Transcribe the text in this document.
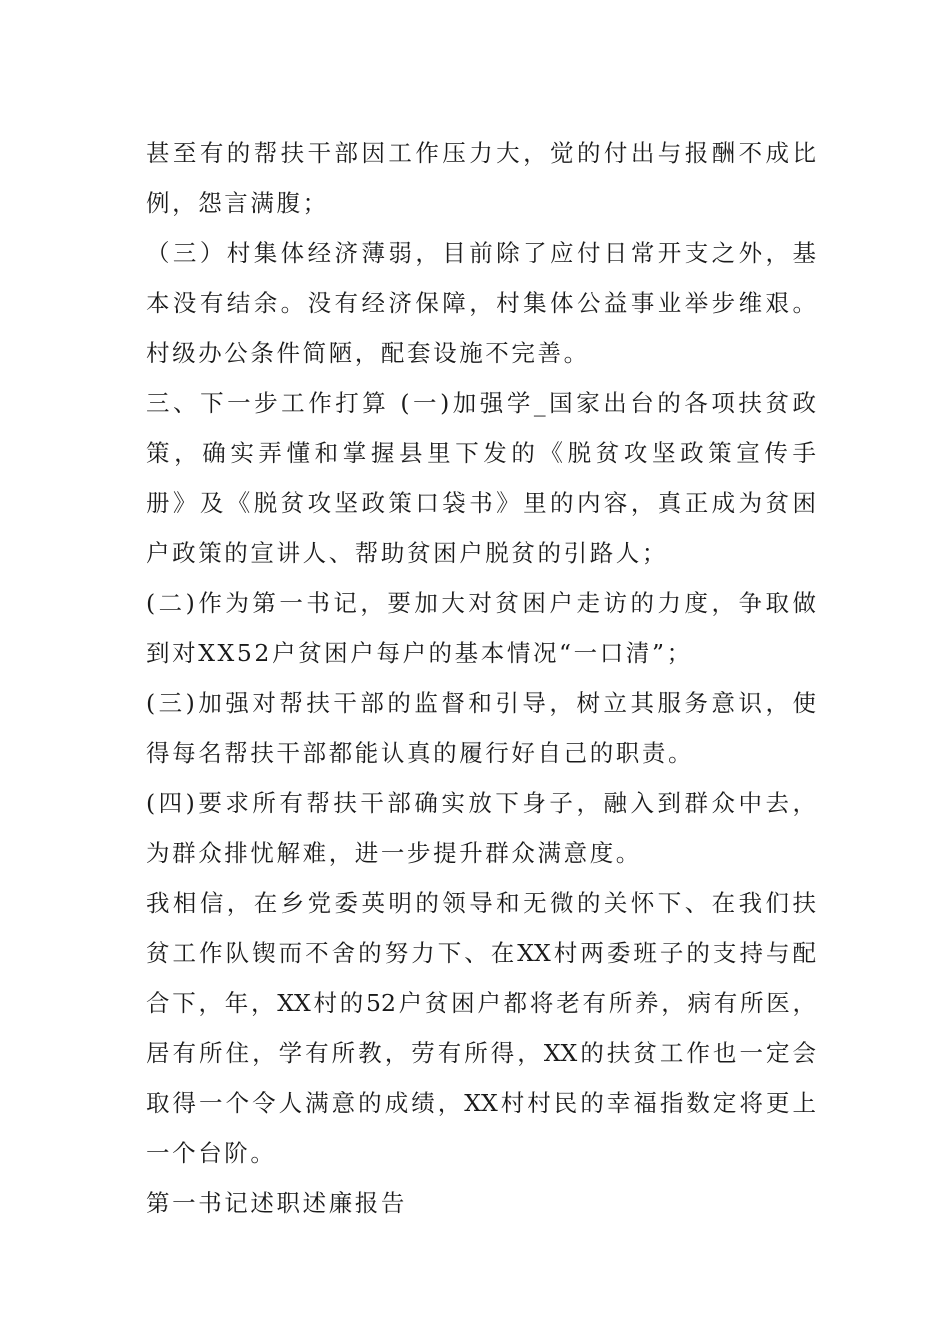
甚至有的帮扶干部因工作压力大，觉的付出与报酬不成比
例，怨言满腹；
（三）村集体经济薄弱，目前除了应付日常开支之外，基
本没有结余。没有经济保障，村集体公益事业举步维艰。
村级办公条件简陋，配套设施不完善。
三、下一步工作打算 (一)加强学_国家出台的各项扶贫政
策，确实弄懂和掌握县里下发的《脱贫攻坚政策宣传手
册》及《脱贫攻坚政策口袋书》里的内容，真正成为贫困
户政策的宣讲人、帮助贫困户脱贫的引路人；
(二)作为第一书记，要加大对贫困户走访的力度，争取做
到对XX52户贫困户每户的基本情况“一口清”；
(三)加强对帮扶干部的监督和引导，树立其服务意识，使
得每名帮扶干部都能认真的履行好自己的职责。
(四)要求所有帮扶干部确实放下身子，融入到群众中去，
为群众排忧解难，进一步提升群众满意度。
我相信，在乡党委英明的领导和无微的关怀下、在我们扶
贫工作队锲而不舍的努力下、在XX村两委班子的支持与配
合下，年，XX村的52户贫困户都将老有所养，病有所医，
居有所住，学有所教，劳有所得，XX的扶贫工作也一定会
取得一个令人满意的成绩，XX村村民的幸福指数定将更上
一个台阶。
第一书记述职述廉报告
